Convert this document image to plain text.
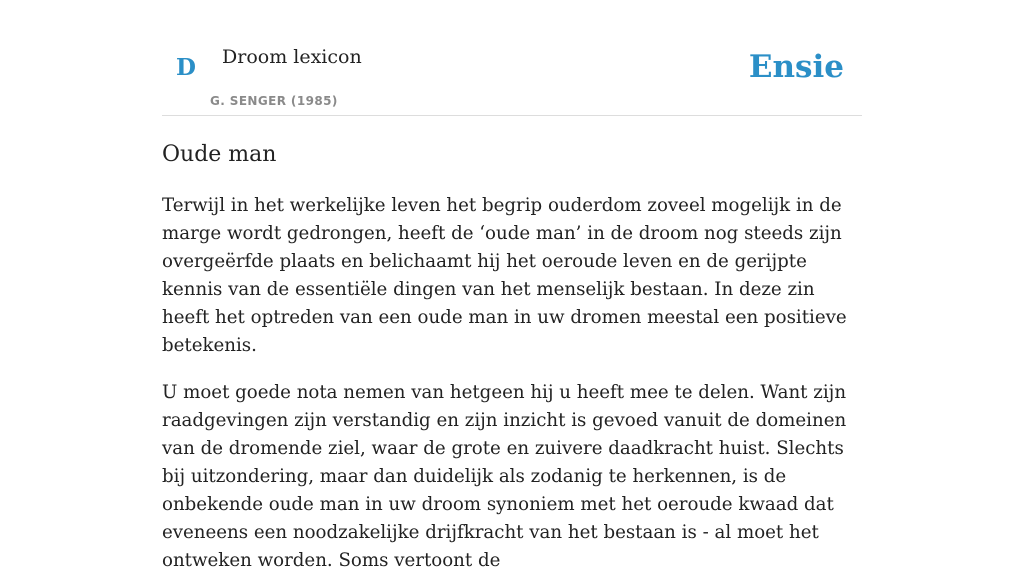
D Droom lexicon
G. SENGER (1985)
Ensie
Oude man

Terwijl in het werkelijke leven het begrip ouderdom zoveel mogelijk in de marge wordt gedrongen, heeft de ‘oude man’ in de droom nog steeds zijn overgeërfde plaats en belichaamt hij het oeroude leven en de gerijpte kennis van de essentiële dingen van het menselijk bestaan. In deze zin heeft het optreden van een oude man in uw dromen meestal een positieve betekenis.

U moet goede nota nemen van hetgeen hij u heeft mee te delen. Want zijn raadgevingen zijn verstandig en zijn inzicht is gevoed vanuit de domeinen van de dromende ziel, waar de grote en zuivere daadkracht huist. Slechts bij uitzondering, maar dan duidelijk als zodanig te herkennen, is de onbekende oude man in uw droom synoniem met het oeroude kwaad dat eveneens een noodzakelijke drijfkracht van het bestaan is - al moet het ontweken worden. Soms vertoont de
